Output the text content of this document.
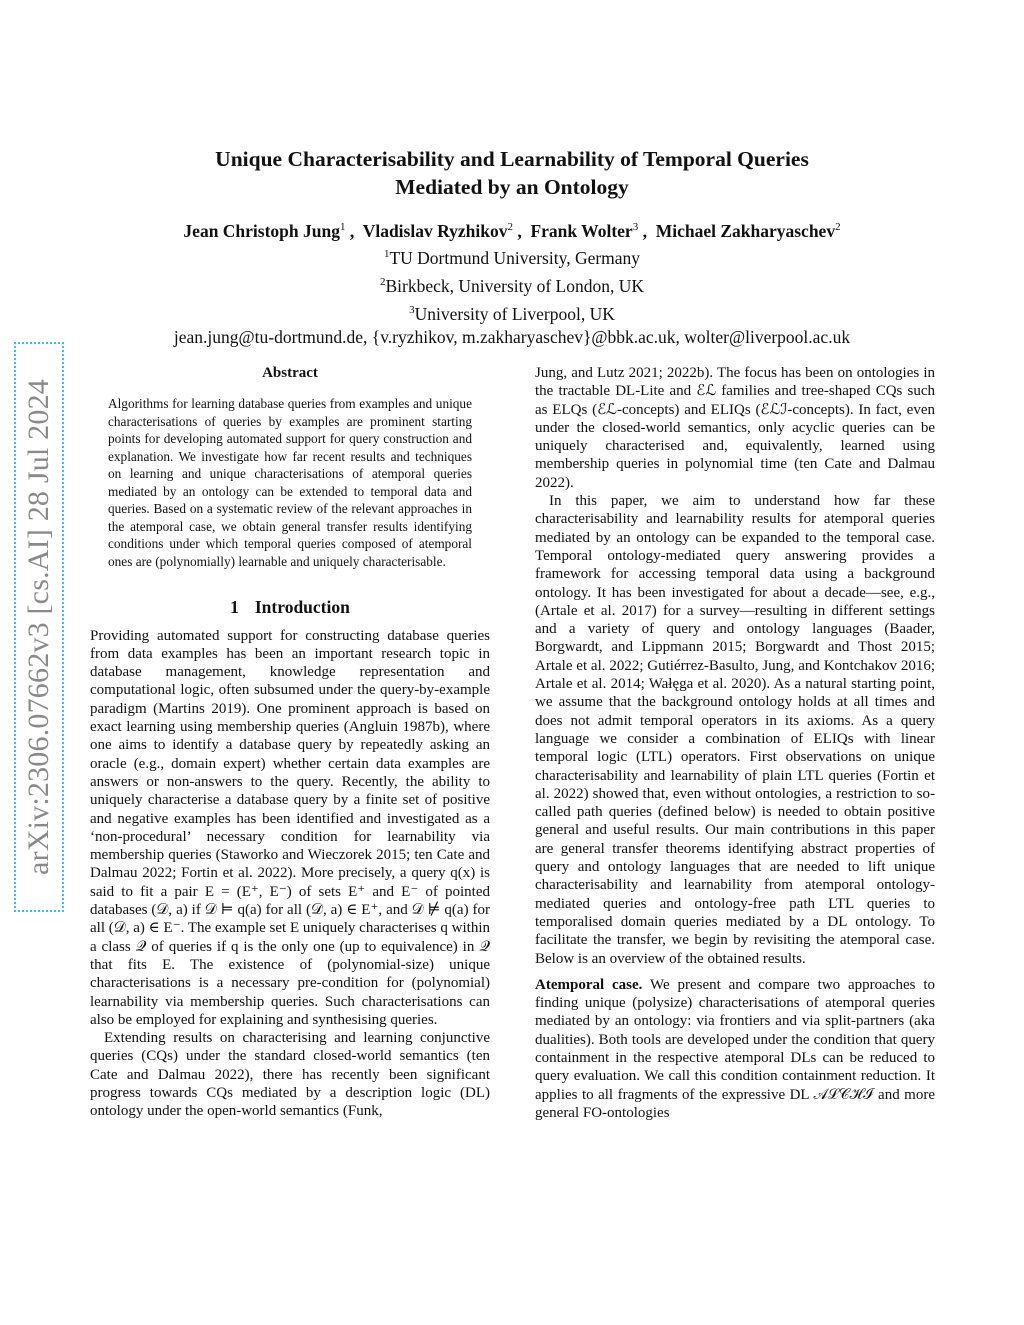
arXiv:2306.07662v3 [cs.AI] 28 Jul 2024
Unique Characterisability and Learnability of Temporal Queries
Mediated by an Ontology
Jean Christoph Jung$^1$ ,  Vladislav Ryzhikov$^2$ ,  Frank Wolter$^3$ ,  Michael Zakharyaschev$^2$
$^1$TU Dortmund University, Germany
$^2$Birkbeck, University of London, UK
$^3$University of Liverpool, UK
jean.jung@tu-dortmund.de, {v.ryzhikov, m.zakharyaschev}@bbk.ac.uk, wolter@liverpool.ac.uk
Abstract

Algorithms for learning database queries from examples and unique characterisations of queries by examples are prominent starting points for developing automated support for query construction and explanation. We investigate how far recent results and techniques on learning and unique characterisations of atemporal queries mediated by an ontology can be extended to temporal data and queries. Based on a systematic review of the relevant approaches in the atemporal case, we obtain general transfer results identifying conditions under which temporal queries composed of atemporal ones are (polynomially) learnable and uniquely characterisable.

1 Introduction

Providing automated support for constructing database queries from data examples has been an important research topic in database management, knowledge representation and computational logic, often subsumed under the query-by-example paradigm (Martins 2019). One prominent approach is based on exact learning using membership queries (Angluin 1987b), where one aims to identify a database query by repeatedly asking an oracle (e.g., domain expert) whether certain data examples are answers or non-answers to the query. Recently, the ability to uniquely characterise a database query by a finite set of positive and negative examples has been identified and investigated as a ‘non-procedural’ necessary condition for learnability via membership queries (Staworko and Wieczorek 2015; ten Cate and Dalmau 2022; Fortin et al. 2022). More precisely, a query q(x) is said to fit a pair E = (E⁺, E⁻) of sets E⁺ and E⁻ of pointed databases (𝒟, a) if 𝒟 ⊨ q(a) for all (𝒟, a) ∈ E⁺, and 𝒟 ⊭ q(a) for all (𝒟, a) ∈ E⁻. The example set E uniquely characterises q within a class 𝒬 of queries if q is the only one (up to equivalence) in 𝒬 that fits E. The existence of (polynomial-size) unique characterisations is a necessary pre-condition for (polynomial) learnability via membership queries. Such characterisations can also be employed for explaining and synthesising queries.

Extending results on characterising and learning conjunctive queries (CQs) under the standard closed-world semantics (ten Cate and Dalmau 2022), there has recently been significant progress towards CQs mediated by a description logic (DL) ontology under the open-world semantics (Funk,

Jung, and Lutz 2021; 2022b). The focus has been on ontologies in the tractable DL-Lite and ℰℒ families and tree-shaped CQs such as ELQs (ℰℒ-concepts) and ELIQs (ℰℒℐ-concepts). In fact, even under the closed-world semantics, only acyclic queries can be uniquely characterised and, equivalently, learned using membership queries in polynomial time (ten Cate and Dalmau 2022).

In this paper, we aim to understand how far these characterisability and learnability results for atemporal queries mediated by an ontology can be expanded to the temporal case. Temporal ontology-mediated query answering provides a framework for accessing temporal data using a background ontology. It has been investigated for about a decade—see, e.g., (Artale et al. 2017) for a survey—resulting in different settings and a variety of query and ontology languages (Baader, Borgwardt, and Lippmann 2015; Borgwardt and Thost 2015; Artale et al. 2022; Gutiérrez-Basulto, Jung, and Kontchakov 2016; Artale et al. 2014; Wałęga et al. 2020). As a natural starting point, we assume that the background ontology holds at all times and does not admit temporal operators in its axioms. As a query language we consider a combination of ELIQs with linear temporal logic (LTL) operators. First observations on unique characterisability and learnability of plain LTL queries (Fortin et al. 2022) showed that, even without ontologies, a restriction to so-called path queries (defined below) is needed to obtain positive general and useful results. Our main contributions in this paper are general transfer theorems identifying abstract properties of query and ontology languages that are needed to lift unique characterisability and learnability from atemporal ontology-mediated queries and ontology-free path LTL queries to temporalised domain queries mediated by a DL ontology. To facilitate the transfer, we begin by revisiting the atemporal case. Below is an overview of the obtained results.

Atemporal case. We present and compare two approaches to finding unique (polysize) characterisations of atemporal queries mediated by an ontology: via frontiers and via split-partners (aka dualities). Both tools are developed under the condition that query containment in the respective atemporal DLs can be reduced to query evaluation. We call this condition containment reduction. It applies to all fragments of the expressive DL 𝒜ℒ𝒞ℋℐ and more general FO-ontologies
